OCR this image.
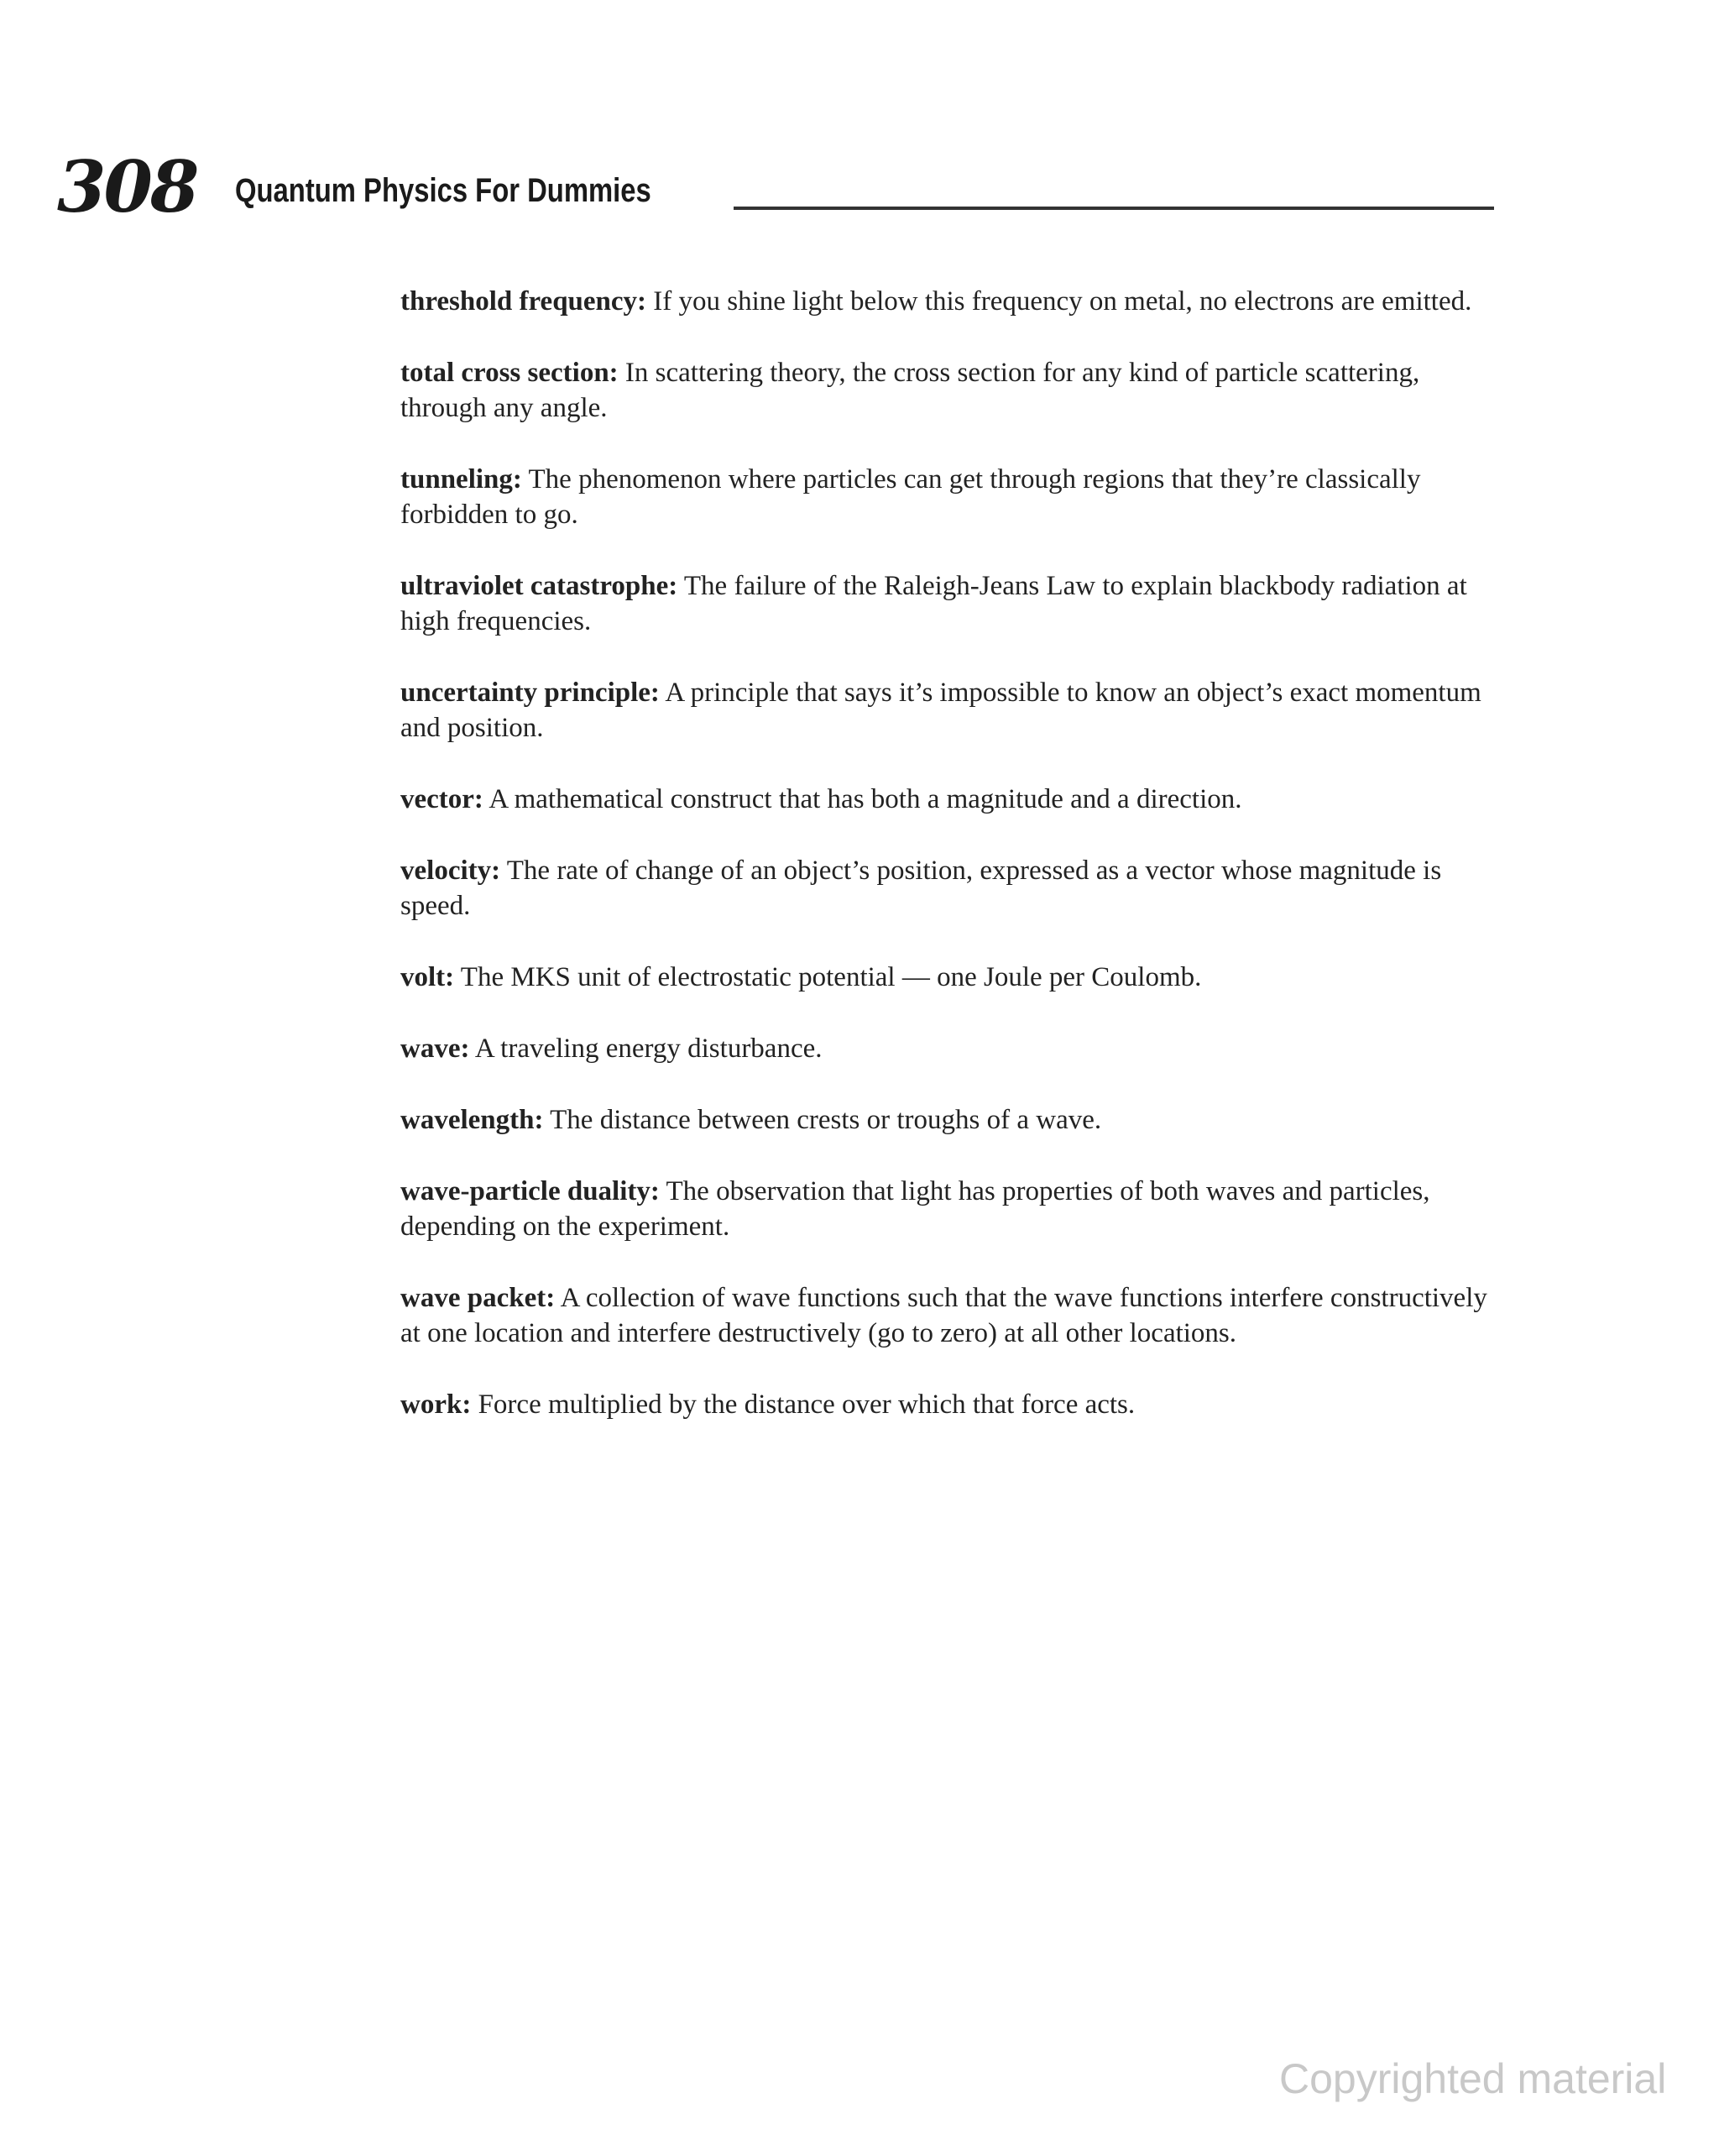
308 Quantum Physics For Dummies

threshold frequency: If you shine light below this frequency on metal, no electrons are emitted.

total cross section: In scattering theory, the cross section for any kind of particle scattering, through any angle.

tunneling: The phenomenon where particles can get through regions that they’re classically forbidden to go.

ultraviolet catastrophe: The failure of the Raleigh-Jeans Law to explain blackbody radiation at high frequencies.

uncertainty principle: A principle that says it’s impossible to know an object’s exact momentum and position.

vector: A mathematical construct that has both a magnitude and a direction.

velocity: The rate of change of an object’s position, expressed as a vector whose magnitude is speed.

volt: The MKS unit of electrostatic potential — one Joule per Coulomb.

wave: A traveling energy disturbance.

wavelength: The distance between crests or troughs of a wave.

wave-particle duality: The observation that light has properties of both waves and particles, depending on the experiment.

wave packet: A collection of wave functions such that the wave functions interfere constructively at one location and interfere destructively (go to zero) at all other locations.

work: Force multiplied by the distance over which that force acts.

Copyrighted material
